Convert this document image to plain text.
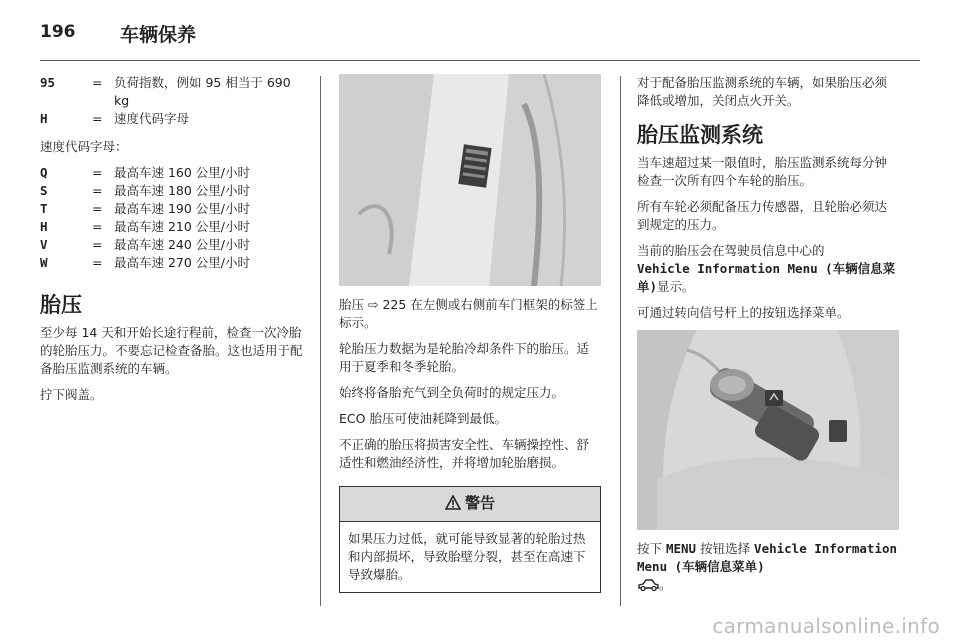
196 车辆保养
95	= 负荷指数，例如 95 相当于 690 kg
H	= 速度代码字母

速度代码字母：

Q	= 最高车速 160 公里/小时
S	= 最高车速 180 公里/小时
T	= 最高车速 190 公里/小时
H	= 最高车速 210 公里/小时
V	= 最高车速 240 公里/小时
W	= 最高车速 270 公里/小时
胎压

至少每 14 天和开始长途行程前，检查一次冷胎的轮胎压力。不要忘记检查备胎。这也适用于配备胎压监测系统的车辆。

拧下阀盖。

胎压 ⇨ 225 在左侧或右侧前车门框架的标签上标示。

轮胎压力数据为是轮胎冷却条件下的胎压。适用于夏季和冬季轮胎。

始终将备胎充气到全负荷时的规定压力。

ECO 胎压可使油耗降到最低。

不正确的胎压将损害安全性、车辆操控性、舒适性和燃油经济性，并将增加轮胎磨损。

警告
如果压力过低，就可能导致显著的轮胎过热和内部损坏，导致胎壁分裂，甚至在高速下导致爆胎。

对于配备胎压监测系统的车辆，如果胎压必须降低或增加，关闭点火开关。

胎压监测系统

当车速超过某一限值时，胎压监测系统每分钟检查一次所有四个车轮的胎压。

所有车轮必须配备压力传感器，且轮胎必须达到规定的压力。

当前的胎压会在驾驶员信息中心的
Vehicle Information Menu (车辆信息菜单)显示。

可通过转向信号杆上的按钮选择菜单。

按下 MENU 按钮选择 Vehicle Information Menu (车辆信息菜单)
。

carmanualsonline.info
